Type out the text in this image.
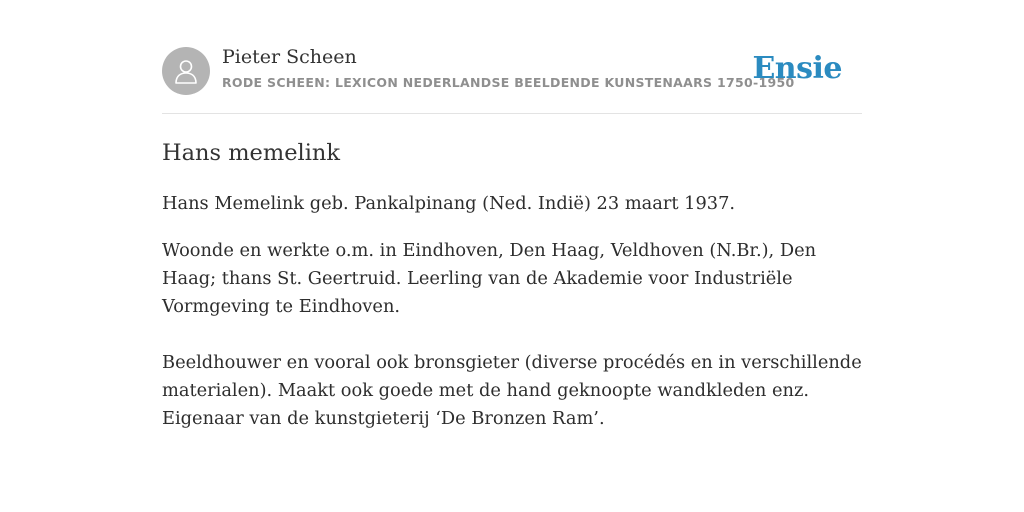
Pieter Scheen
RODE SCHEEN: LEXICON NEDERLANDSE BEELDENDE KUNSTENAARS 1750-1950
Ensie
Hans memelink

Hans Memelink geb. Pankalpinang (Ned. Indië) 23 maart 1937.

Woonde en werkte o.m. in Eindhoven, Den Haag, Veldhoven (N.Br.), Den Haag; thans St. Geertruid. Leerling van de Akademie voor Industriële Vormgeving te Eindhoven.

Beeldhouwer en vooral ook bronsgieter (diverse procédés en in verschillende materialen). Maakt ook goede met de hand geknoopte wandkleden enz. Eigenaar van de kunstgieterij ‘De Bronzen Ram’.
